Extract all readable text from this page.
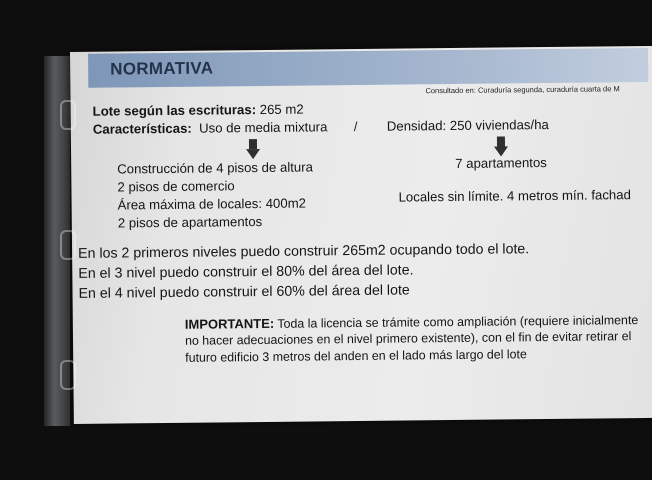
NORMATIVA
Consultado en: Curaduría segunda, curaduría cuarta de M
Lote según las escrituras: 265 m2
Características: Uso de media mixtura / Densidad: 250 viviendas/ha
Construcción de 4 pisos de altura
2 pisos de comercio
Área máxima de locales: 400m2
2 pisos de apartamentos
7 apartamentos
Locales sin límite. 4 metros mín. fachad
En los 2 primeros niveles puedo construir 265m2 ocupando todo el lote.
En el 3 nivel puedo construir el 80% del área del lote.
En el 4 nivel puedo construir el 60% del área del lote
IMPORTANTE: Toda la licencia se trámite como ampliación (requiere inicialmente
no hacer adecuaciones en el nivel primero existente), con el fin de evitar retirar el
futuro edificio 3 metros del anden en el lado más largo del lote
